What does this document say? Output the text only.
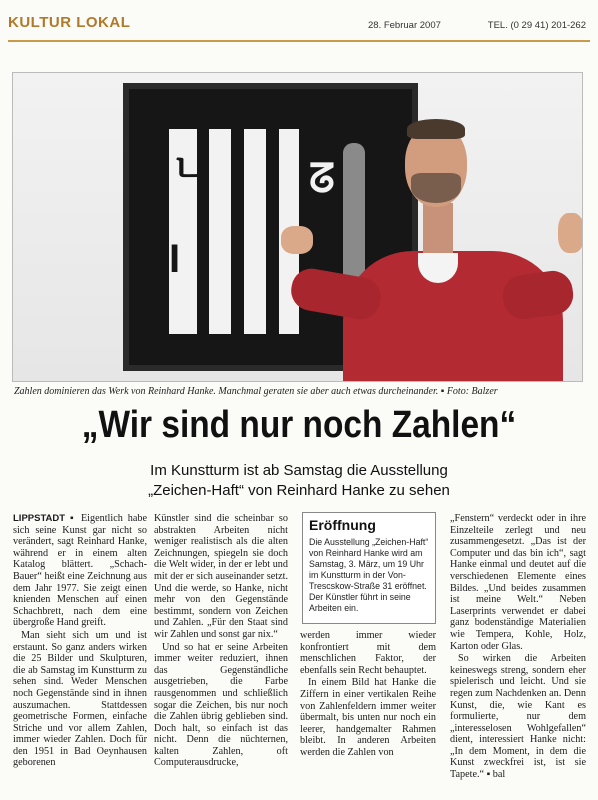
KULTUR LOKAL	28. Februar 2007	TEL. (0 29 41) 201-262
ㄴ
Ɩ
ᘔ
Zahlen dominieren das Werk von Reinhard Hanke. Manchmal geraten sie aber auch etwas durcheinander. ▪ Foto: Balzer
„Wir sind nur noch Zahlen“
Im Kunstturm ist ab Samstag die Ausstellung
„Zeichen-Haft“ von Reinhard Hanke zu sehen

LIPPSTADT ▪ Eigentlich habe sich seine Kunst gar nicht so verändert, sagt Reinhard Hanke, während er in einem alten Katalog blättert. „Schach-Bauer“ heißt eine Zeichnung aus dem Jahr 1977. Sie zeigt einen knienden Menschen auf einen Schachbrett, nach dem eine übergroße Hand greift.

Man sieht sich um und ist erstaunt. So ganz anders wirken die 25 Bilder und Skulpturen, die ab Samstag im Kunstturm zu sehen sind. Weder Menschen noch Gegenstände sind in ihnen auszumachen. Stattdessen geometrische Formen, einfache Striche und vor allem Zahlen, immer wieder Zahlen. Doch für den 1951 in Bad Oeynhausen geborenen

Künstler sind die scheinbar so abstrakten Arbeiten nicht weniger realistisch als die alten Zeichnungen, spiegeln sie doch die Welt wider, in der er lebt und mit der er sich auseinander setzt. Und die werde, so Hanke, nicht mehr von den Gegenstände bestimmt, sondern von Zeichen und Zahlen. „Für den Staat sind wir Zahlen und sonst gar nix.“

Und so hat er seine Arbeiten immer weiter reduziert, ihnen das Gegenständliche ausgetrieben, die Farbe rausgenommen und schließlich sogar die Zeichen, bis nur noch die Zahlen übrig geblieben sind. Doch halt, so einfach ist das nicht. Denn die nüchternen, kalten Zahlen, oft Computerausdrucke,

Eröffnung
Die Ausstellung „Zeichen-Haft“ von Reinhard Hanke wird am Samstag, 3. März, um 19 Uhr im Kunstturm in der Von-Trescskow-Straße 31 eröffnet. Der Künstler führt in seine Arbeiten ein.

werden immer wieder konfrontiert mit dem menschlichen Faktor, der ebenfalls sein Recht behauptet.

In einem Bild hat Hanke die Ziffern in einer vertikalen Reihe von Zahlenfeldern immer weiter übermalt, bis unten nur noch ein leerer, handgemalter Rahmen bleibt. In anderen Arbeiten werden die Zahlen von

„Fenstern“ verdeckt oder in ihre Einzelteile zerlegt und neu zusammengesetzt. „Das ist der Computer und das bin ich“, sagt Hanke einmal und deutet auf die verschiedenen Elemente eines Bildes. „Und beides zusammen ist meine Welt.“ Neben Laserprints verwendet er dabei ganz bodenständige Materialien wie Tempera, Kohle, Holz, Karton oder Glas.

So wirken die Arbeiten keineswegs streng, sondern eher spielerisch und leicht. Und sie regen zum Nachdenken an. Denn Kunst, die, wie Kant es formulierte, nur dem „interesselosen Wohlgefallen“ dient, interessiert Hanke nicht: „In dem Moment, in dem die Kunst zweckfrei ist, ist sie Tapete.“ ▪ bal
